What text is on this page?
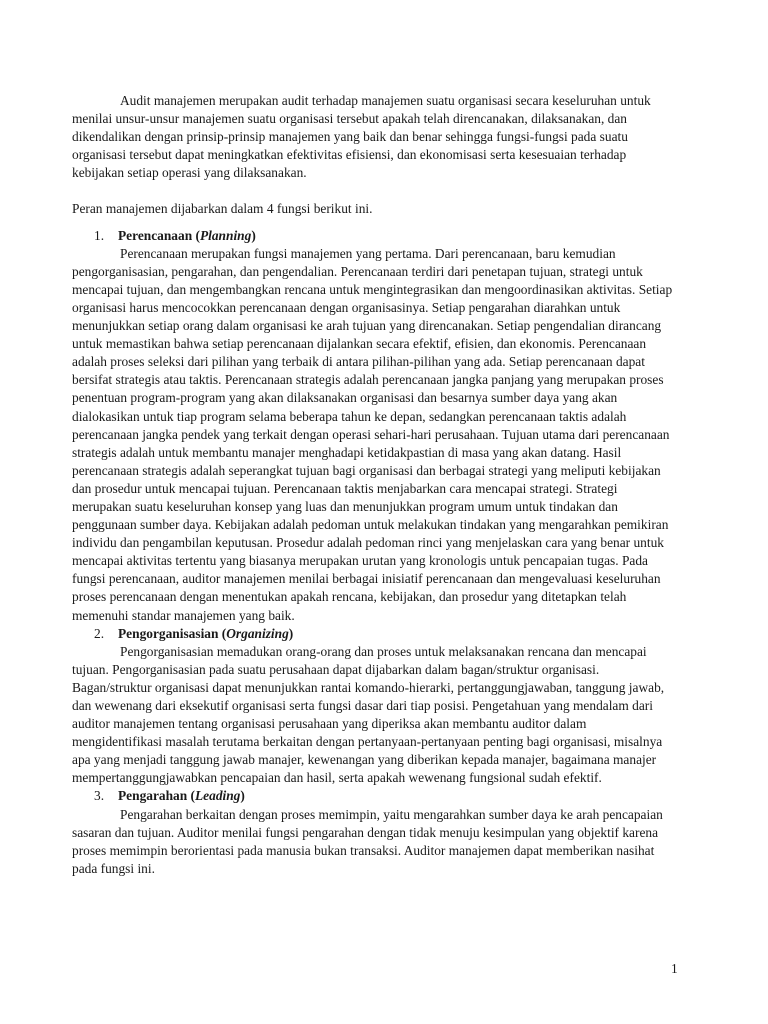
Audit manajemen merupakan audit terhadap manajemen suatu organisasi secara keseluruhan untuk menilai unsur-unsur manajemen suatu organisasi tersebut apakah telah direncanakan, dilaksanakan, dan dikendalikan dengan prinsip-prinsip manajemen yang baik dan benar sehingga fungsi-fungsi pada suatu organisasi tersebut dapat meningkatkan efektivitas efisiensi, dan ekonomisasi serta kesesuaian terhadap kebijakan setiap operasi yang dilaksanakan.

Peran manajemen dijabarkan dalam 4 fungsi berikut ini.

1.	Perencanaan (Planning)

Perencanaan merupakan fungsi manajemen yang pertama. Dari perencanaan, baru kemudian pengorganisasian, pengarahan, dan pengendalian. Perencanaan terdiri dari penetapan tujuan, strategi untuk mencapai tujuan, dan mengembangkan rencana untuk mengintegrasikan dan mengoordinasikan aktivitas. Setiap organisasi harus mencocokkan perencanaan dengan organisasinya. Setiap pengarahan diarahkan untuk menunjukkan setiap orang dalam organisasi ke arah tujuan yang direncanakan. Setiap pengendalian dirancang untuk memastikan bahwa setiap perencanaan dijalankan secara efektif, efisien, dan ekonomis. Perencanaan adalah proses seleksi dari pilihan yang terbaik di antara pilihan-pilihan yang ada. Setiap perencanaan dapat bersifat strategis atau taktis. Perencanaan strategis adalah perencanaan jangka panjang yang merupakan proses penentuan program-program yang akan dilaksanakan organisasi dan besarnya sumber daya yang akan dialokasikan untuk tiap program selama beberapa tahun ke depan, sedangkan perencanaan taktis adalah perencanaan jangka pendek yang terkait dengan operasi sehari-hari perusahaan. Tujuan utama dari perencanaan strategis adalah untuk membantu manajer menghadapi ketidakpastian di masa yang akan datang. Hasil perencanaan strategis adalah seperangkat tujuan bagi organisasi dan berbagai strategi yang meliputi kebijakan dan prosedur untuk mencapai tujuan. Perencanaan taktis menjabarkan cara mencapai strategi. Strategi merupakan suatu keseluruhan konsep yang luas dan menunjukkan program umum untuk tindakan dan penggunaan sumber daya. Kebijakan adalah pedoman untuk melakukan tindakan yang mengarahkan pemikiran individu dan pengambilan keputusan. Prosedur adalah pedoman rinci yang menjelaskan cara yang benar untuk mencapai aktivitas tertentu yang biasanya merupakan urutan yang kronologis untuk pencapaian tugas. Pada fungsi perencanaan, auditor manajemen menilai berbagai inisiatif perencanaan dan mengevaluasi keseluruhan proses perencanaan dengan menentukan apakah rencana, kebijakan, dan prosedur yang ditetapkan telah memenuhi standar manajemen yang baik.

2.	Pengorganisasian (Organizing)

Pengorganisasian memadukan orang-orang dan proses untuk melaksanakan rencana dan mencapai tujuan. Pengorganisasian pada suatu perusahaan dapat dijabarkan dalam bagan/struktur organisasi. Bagan/struktur organisasi dapat menunjukkan rantai komando-hierarki, pertanggungjawaban, tanggung jawab, dan wewenang dari eksekutif organisasi serta fungsi dasar dari tiap posisi. Pengetahuan yang mendalam dari auditor manajemen tentang organisasi perusahaan yang diperiksa akan membantu auditor dalam mengidentifikasi masalah terutama berkaitan dengan pertanyaan-pertanyaan penting bagi organisasi, misalnya apa yang menjadi tanggung jawab manajer, kewenangan yang diberikan kepada manajer, bagaimana manajer mempertanggungjawabkan pencapaian dan hasil, serta apakah wewenang fungsional sudah efektif.

3.	Pengarahan (Leading)

Pengarahan berkaitan dengan proses memimpin, yaitu mengarahkan sumber daya ke arah pencapaian sasaran dan tujuan. Auditor menilai fungsi pengarahan dengan tidak menuju kesimpulan yang objektif karena proses memimpin berorientasi pada manusia bukan transaksi. Auditor manajemen dapat memberikan nasihat pada fungsi ini.

1
